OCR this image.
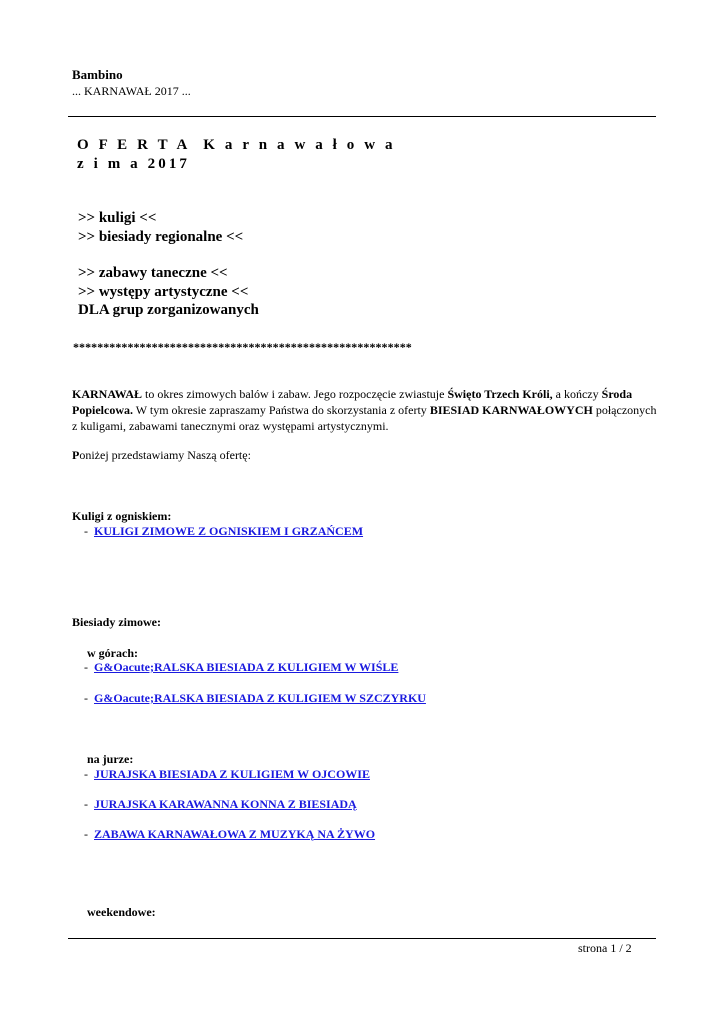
Bambino
... KARNAWAŁ 2017 ...
O F E R T A  K a r n a w a ł o w a
z i m a 2017
>> kuligi <<
>> biesiady regionalne <<
>> zabawy taneczne <<
>> występy artystyczne <<
DLA grup zorganizowanych
********************************************************
KARNAWAŁ to okres zimowych balów i zabaw. Jego rozpoczęcie zwiastuje Święto Trzech Króli, a kończy Środa Popielcowa. W tym okresie zapraszamy Państwa do skorzystania z oferty BIESIAD KARNWAŁOWYCH połączonych z kuligami, zabawami tanecznymi oraz występami artystycznymi.
Poniżej przedstawiamy Naszą ofertę:
Kuligi z ogniskiem:
- KULIGI ZIMOWE Z OGNISKIEM I GRZAŃCEM
Biesiady zimowe:
w górach:
- G&Oacute;RALSKA BIESIADA Z KULIGIEM W WIŚLE
- G&Oacute;RALSKA BIESIADA Z KULIGIEM W SZCZYRKU
na jurze:
- JURAJSKA BIESIADA Z KULIGIEM W OJCOWIE
- JURAJSKA KARAWANNA KONNA Z BIESIADĄ
- ZABAWA KARNAWAŁOWA Z MUZYKĄ NA ŻYWO
weekendowe:
strona 1 / 2
